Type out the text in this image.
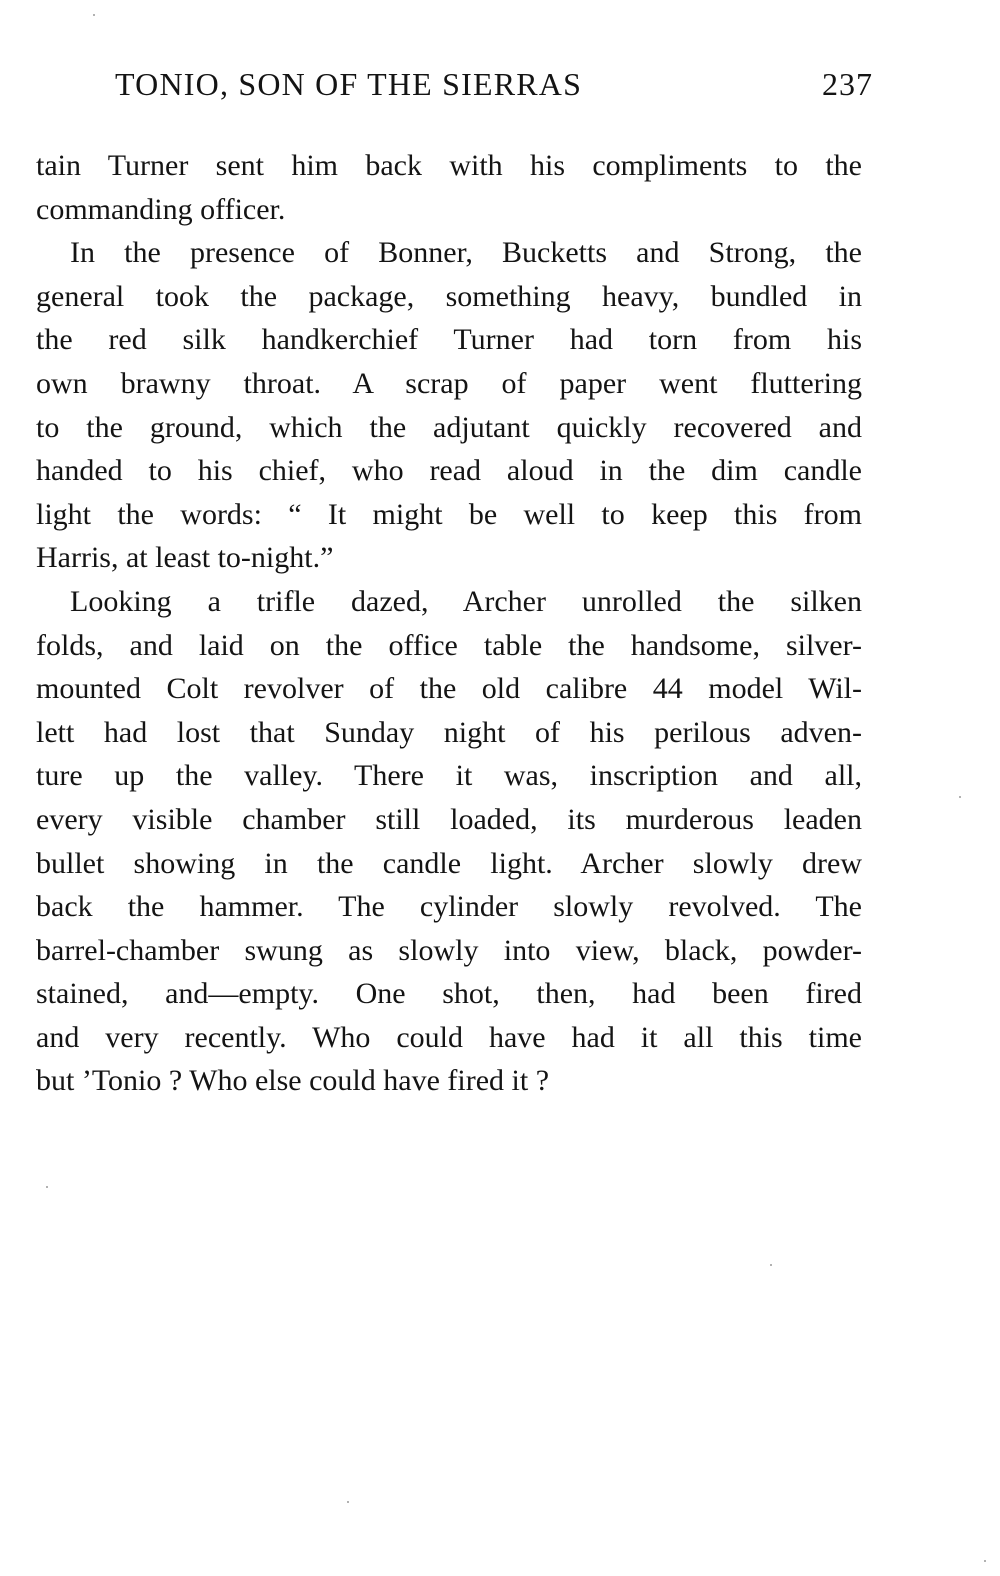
TONIO, SON OF THE SIERRAS	237
tain Turner sent him back with his compliments to the
commanding officer.
In the presence of Bonner, Bucketts and Strong, the
general took the package, something heavy, bundled in
the red silk handkerchief Turner had torn from his
own brawny throat. A scrap of paper went fluttering
to the ground, which the adjutant quickly recovered and
handed to his chief, who read aloud in the dim candle
light the words: “ It might be well to keep this from
Harris, at least to-night.”
Looking a trifle dazed, Archer unrolled the silken
folds, and laid on the office table the handsome, silver-
mounted Colt revolver of the old calibre 44 model Wil-
lett had lost that Sunday night of his perilous adven-
ture up the valley. There it was, inscription and all,
every visible chamber still loaded, its murderous leaden
bullet showing in the candle light. Archer slowly drew
back the hammer. The cylinder slowly revolved. The
barrel-chamber swung as slowly into view, black, powder-
stained, and—empty. One shot, then, had been fired
and very recently. Who could have had it all this time
but ’Tonio ? Who else could have fired it ?
